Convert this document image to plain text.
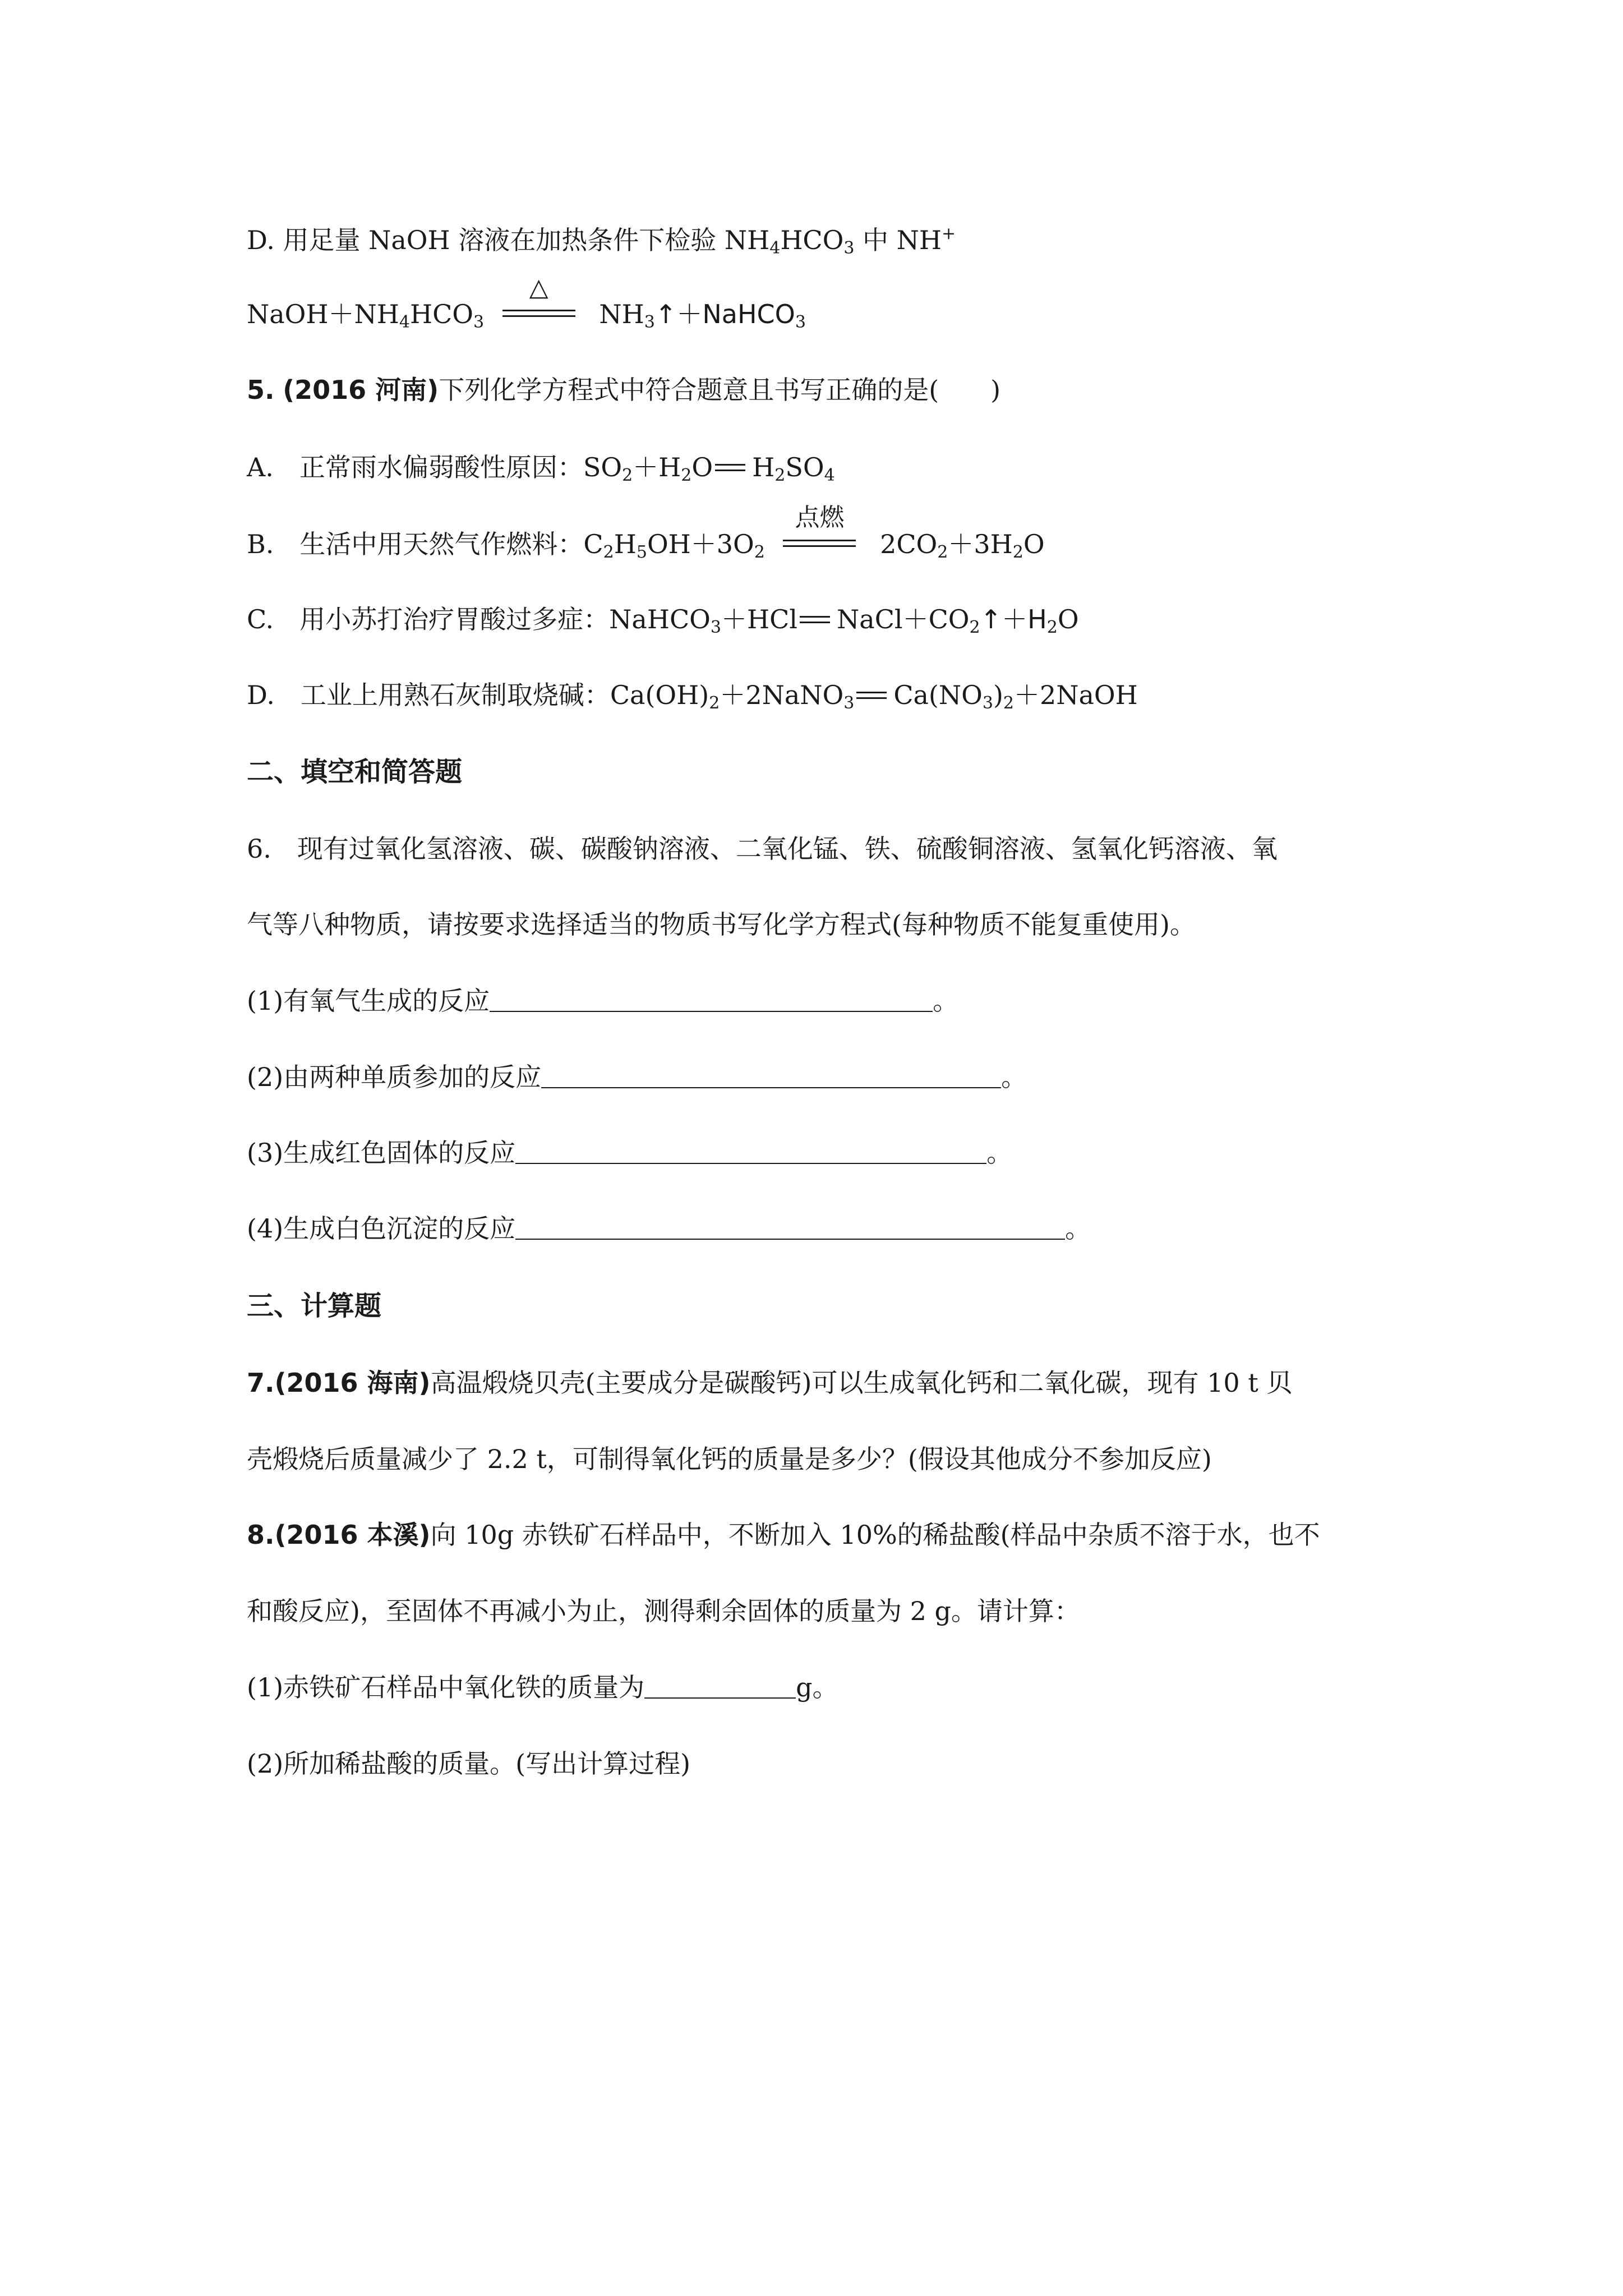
D. 用足量 NaOH 溶液在加热条件下检验 $NH_4HCO_3$ 中 NH+
$NaOH+NH_4HCO_3$
△
$NH_3↑+NaHCO_3$
5. (2016 河南)下列化学方程式中符合题意且书写正确的是(　　)
A.　正常雨水偏弱酸性原因：$SO_2+H_2O$ $H_2SO_4$
B.　生活中用天然气作燃料：$C_2H_5OH+3O_2$
点燃
$2CO_2+3H_2O$
C.　用小苏打治疗胃酸过多症：NaHCO$_3$＋HCl $NaCl+CO_2↑+H_2O$
D.　工业上用熟石灰制取烧碱：$Ca(OH)_2+2NaNO_3$ $Ca(NO_3)_2+2NaOH$
二、填空和简答题
6.　现有过氧化氢溶液、碳、碳酸钠溶液、二氧化锰、铁、硫酸铜溶液、氢氧化钙溶液、氧
气等八种物质，请按要求选择适当的物质书写化学方程式(每种物质不能复重使用)。
(1)有氧气生成的反应	。
(2)由两种单质参加的反应	。
(3)生成红色固体的反应	。
(4)生成白色沉淀的反应	。
三、计算题
7.(2016 海南)高温煅烧贝壳(主要成分是碳酸钙)可以生成氧化钙和二氧化碳，现有 10 t 贝
壳煅烧后质量减少了 2.2 t，可制得氧化钙的质量是多少？(假设其他成分不参加反应)
8.(2016 本溪)向 10g 赤铁矿石样品中，不断加入 10%的稀盐酸(样品中杂质不溶于水，也不
和酸反应)，至固体不再减小为止，测得剩余固体的质量为 2 g。请计算：
(1)赤铁矿石样品中氧化铁的质量为	g。
(2)所加稀盐酸的质量。(写出计算过程)
